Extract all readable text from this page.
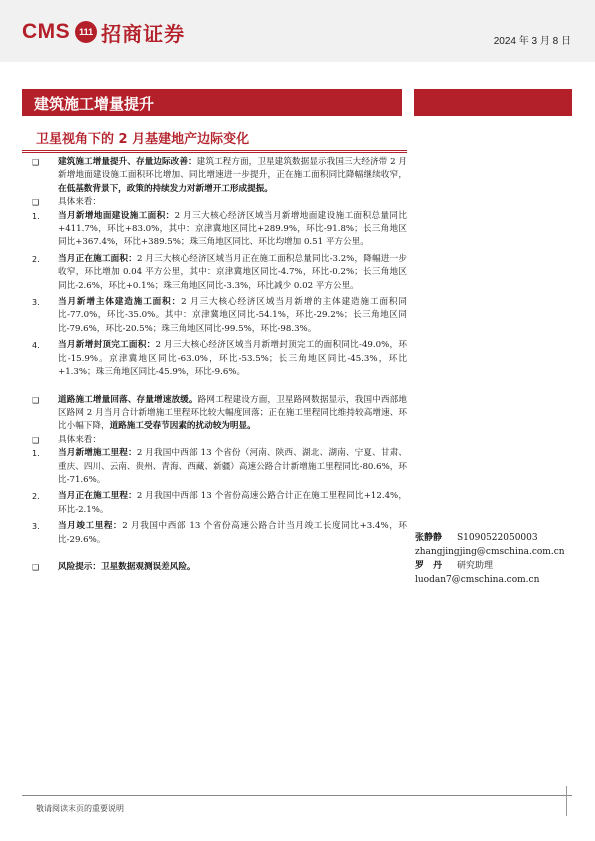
CMS 111 招商证券	2024 年 3 月 8 日
建筑施工增量提升
卫星视角下的 2 月基建地产边际变化
❑	建筑施工增量提升、存量边际改善：建筑工程方面，卫星建筑数据显示我国三大经济带 2 月新增地面建设施工面积环比增加、同比增速进一步提升，正在施工面积同比降幅继续收窄，在低基数背景下，政策的持续发力对新增开工形成提振。
❑	具体来看：
1.	当月新增地面建设施工面积：2 月三大核心经济区域当月新增地面建设施工面积总量同比+411.7%，环比+83.0%，其中：京津冀地区同比+289.9%，环比-91.8%；长三角地区同比+367.4%，环比+389.5%；珠三角地区同比、环比均增加 0.51 平方公里。
2.	当月正在施工面积：2 月三大核心经济区域当月正在施工面积总量同比-3.2%，降幅进一步收窄，环比增加 0.04 平方公里，其中：京津冀地区同比-4.7%，环比-0.2%；长三角地区同比-2.6%，环比+0.1%；珠三角地区同比-3.3%，环比减少 0.02 平方公里。
3.	当月新增主体建造施工面积：2 月三大核心经济区域当月新增的主体建造施工面积同比-77.0%，环比-35.0%。其中：京津冀地区同比-54.1%，环比-29.2%；长三角地区同比-79.6%，环比-20.5%；珠三角地区同比-99.5%，环比-98.3%。
4.	当月新增封顶完工面积：2 月三大核心经济区域当月新增封顶完工的面积同比-49.0%，环比-15.9%。京津冀地区同比-63.0%，环比-53.5%；长三角地区同比-45.3%，环比+1.3%；珠三角地区同比-45.9%，环比-9.6%。
❑	道路施工增量回落、存量增速放缓。路网工程建设方面，卫星路网数据显示，我国中西部地区路网 2 月当月合计新增施工里程环比较大幅度回落；正在施工里程同比维持较高增速、环比小幅下降，道路施工受春节因素的扰动较为明显。
❑	具体来看：
1.	当月新增施工里程：2 月我国中西部 13 个省份（河南、陕西、湖北、湖南、宁夏、甘肃、重庆、四川、云南、贵州、青海、西藏、新疆）高速公路合计新增施工里程同比-80.6%，环比-71.6%。
2.	当月正在施工里程：2 月我国中西部 13 个省份高速公路合计正在施工里程同比+12.4%，环比-2.1%。
3.	当月竣工里程：2 月我国中西部 13 个省份高速公路合计当月竣工长度同比+3.4%，环比-29.6%。
❑	风险提示：卫星数据观测误差风险。
张静静 S1090522050003
zhangjingjing@cmschina.com.cn
罗　丹 研究助理
luodan7@cmschina.com.cn
敬请阅读末页的重要说明
